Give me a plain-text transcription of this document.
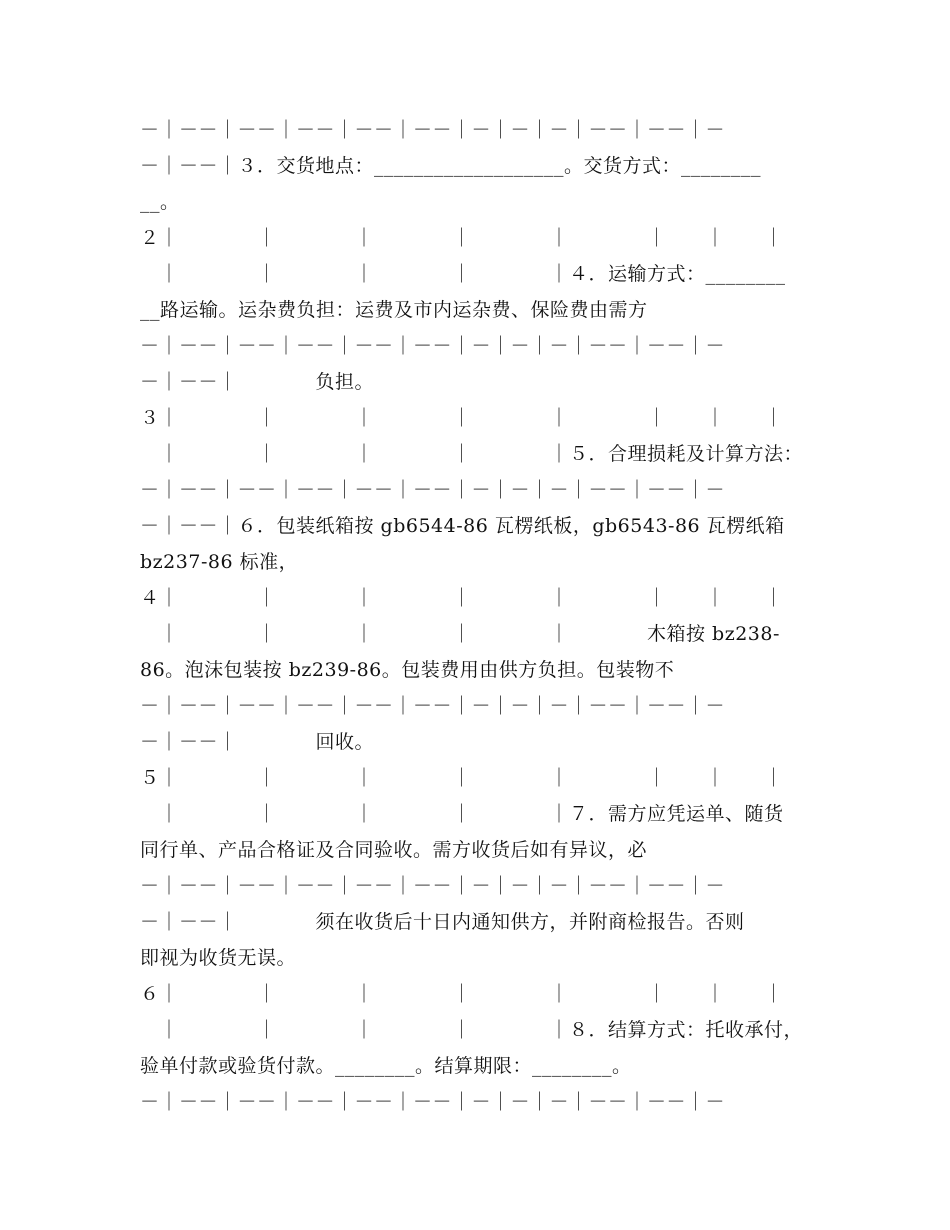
－｜－－｜－－｜－－｜－－｜－－｜－｜－｜－｜－－｜－－｜－
－｜－－｜３．交货地点：___________________。交货方式：________
__。
２｜　　　　｜　　　　｜　　　　｜　　　　｜　　　　｜　　｜　　｜
　｜　　　　｜　　　　｜　　　　｜　　　　｜４．运输方式：________
__路运输。运杂费负担：运费及市内运杂费、保险费由需方
－｜－－｜－－｜－－｜－－｜－－｜－｜－｜－｜－－｜－－｜－
－｜－－｜　　　　负担。
３｜　　　　｜　　　　｜　　　　｜　　　　｜　　　　｜　　｜　　｜
　｜　　　　｜　　　　｜　　　　｜　　　　｜５．合理损耗及计算方法：
－｜－－｜－－｜－－｜－－｜－－｜－｜－｜－｜－－｜－－｜－
－｜－－｜６．包装纸箱按 gb6544-86 瓦楞纸板，gb6543-86 瓦楞纸箱
bz237-86 标准，
４｜　　　　｜　　　　｜　　　　｜　　　　｜　　　　｜　　｜　　｜
　｜　　　　｜　　　　｜　　　　｜　　　　｜　　　　木箱按 bz238-
86。泡沫包装按 bz239-86。包装费用由供方负担。包装物不
－｜－－｜－－｜－－｜－－｜－－｜－｜－｜－｜－－｜－－｜－
－｜－－｜　　　　回收。
５｜　　　　｜　　　　｜　　　　｜　　　　｜　　　　｜　　｜　　｜
　｜　　　　｜　　　　｜　　　　｜　　　　｜７．需方应凭运单、随货
同行单、产品合格证及合同验收。需方收货后如有异议，必
－｜－－｜－－｜－－｜－－｜－－｜－｜－｜－｜－－｜－－｜－
－｜－－｜　　　　须在收货后十日内通知供方，并附商检报告。否则
即视为收货无误。
６｜　　　　｜　　　　｜　　　　｜　　　　｜　　　　｜　　｜　　｜
　｜　　　　｜　　　　｜　　　　｜　　　　｜８．结算方式：托收承付，
验单付款或验货付款。________。结算期限：________。
－｜－－｜－－｜－－｜－－｜－－｜－｜－｜－｜－－｜－－｜－
